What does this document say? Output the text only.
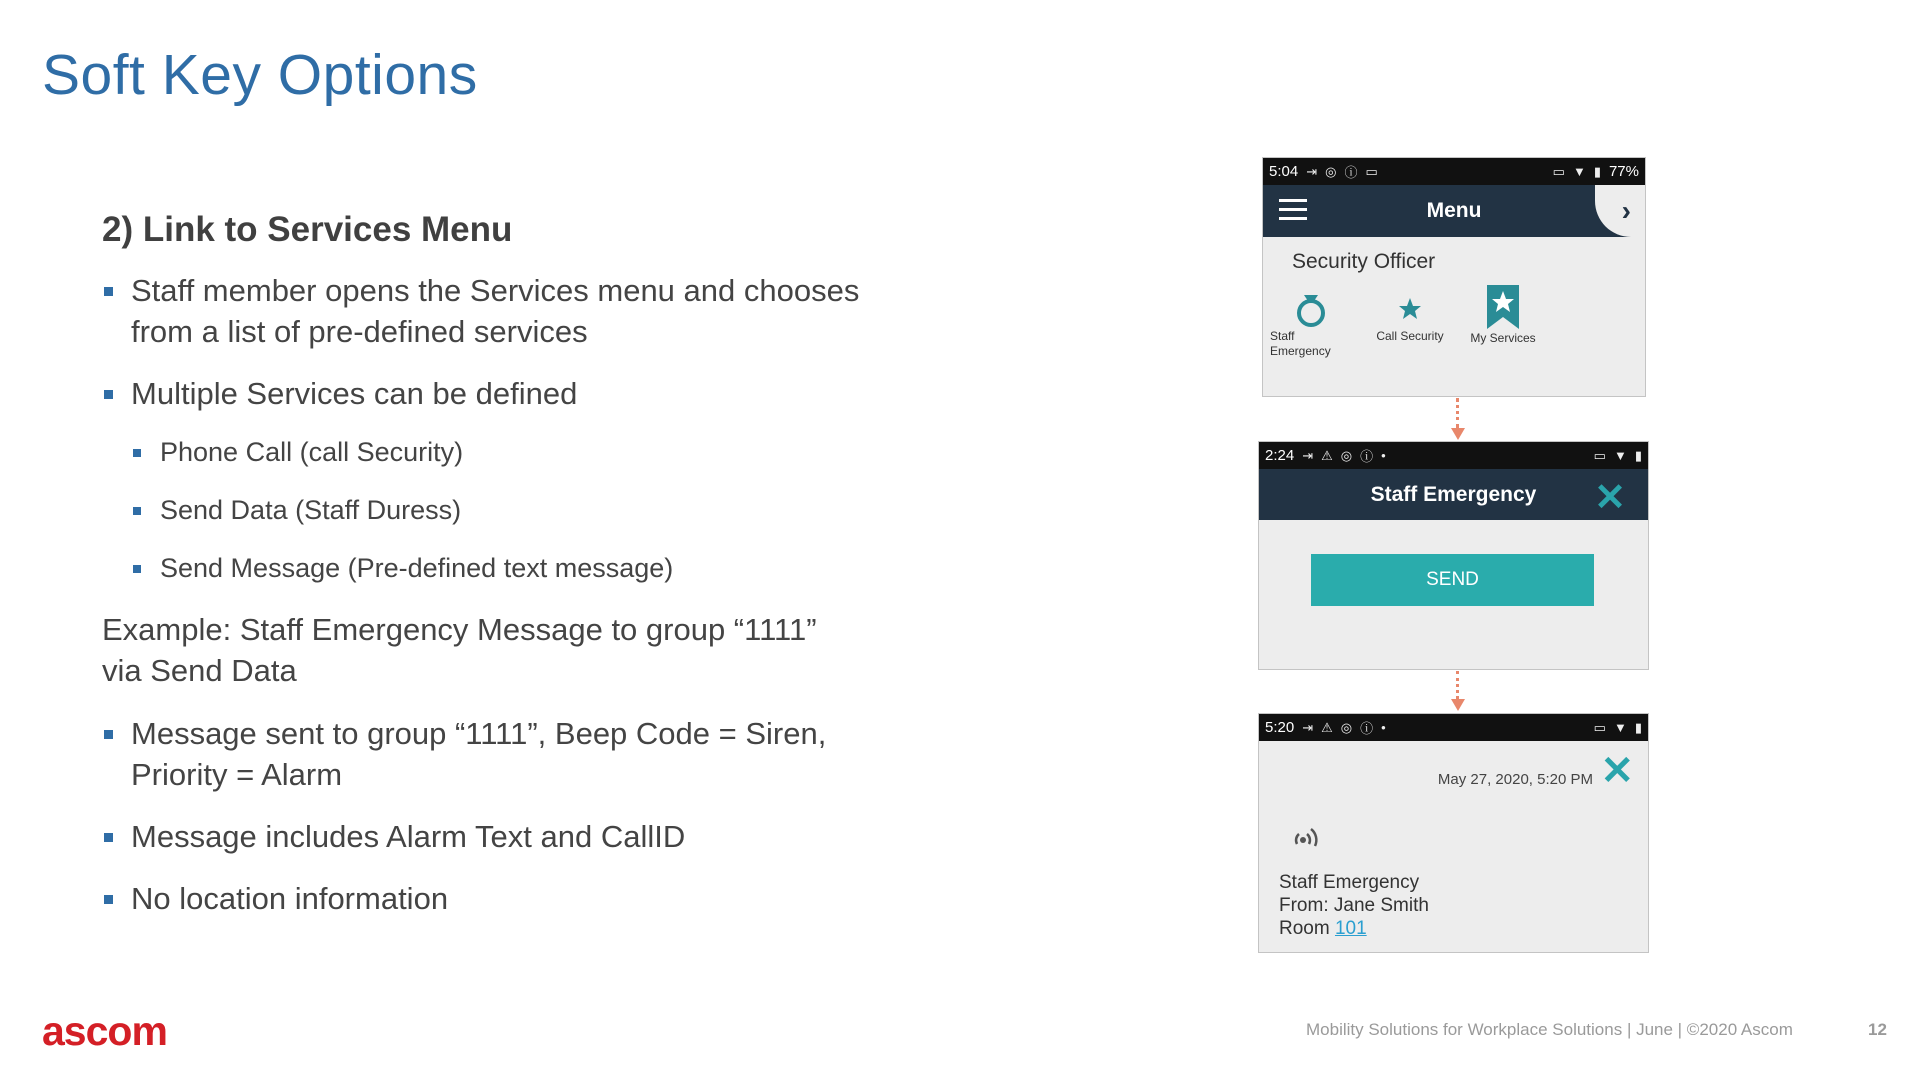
Soft Key Options
2) Link to Services Menu
Staff member opens the Services menu and chooses from a list of pre-defined services
Multiple Services can be defined
Phone Call (call Security)
Send Data (Staff Duress)
Send Message (Pre-defined text message)
Example: Staff Emergency Message to group “1111” via Send Data
Message sent to group “1111”, Beep Code = Siren, Priority = Alarm
Message includes Alarm Text and CallID
No location information
5:04 ⇥ ◎ ⓘ ▭	▭ ▼ ▮ 77%
Menu	›
Security Officer
Staff Emergency
Call Security	My Services
2:24 ⇥ ⚠ ◎ ⓘ •	▭ ▼ ▮
Staff Emergency ✕
SEND
5:20 ⇥ ⚠ ◎ ⓘ •	▭ ▼ ▮
May 27, 2020, 5:20 PM ✕
Staff Emergency
From: Jane Smith
Room 101
ascom	Mobility Solutions for Workplace Solutions | June | ©2020 Ascom	12
